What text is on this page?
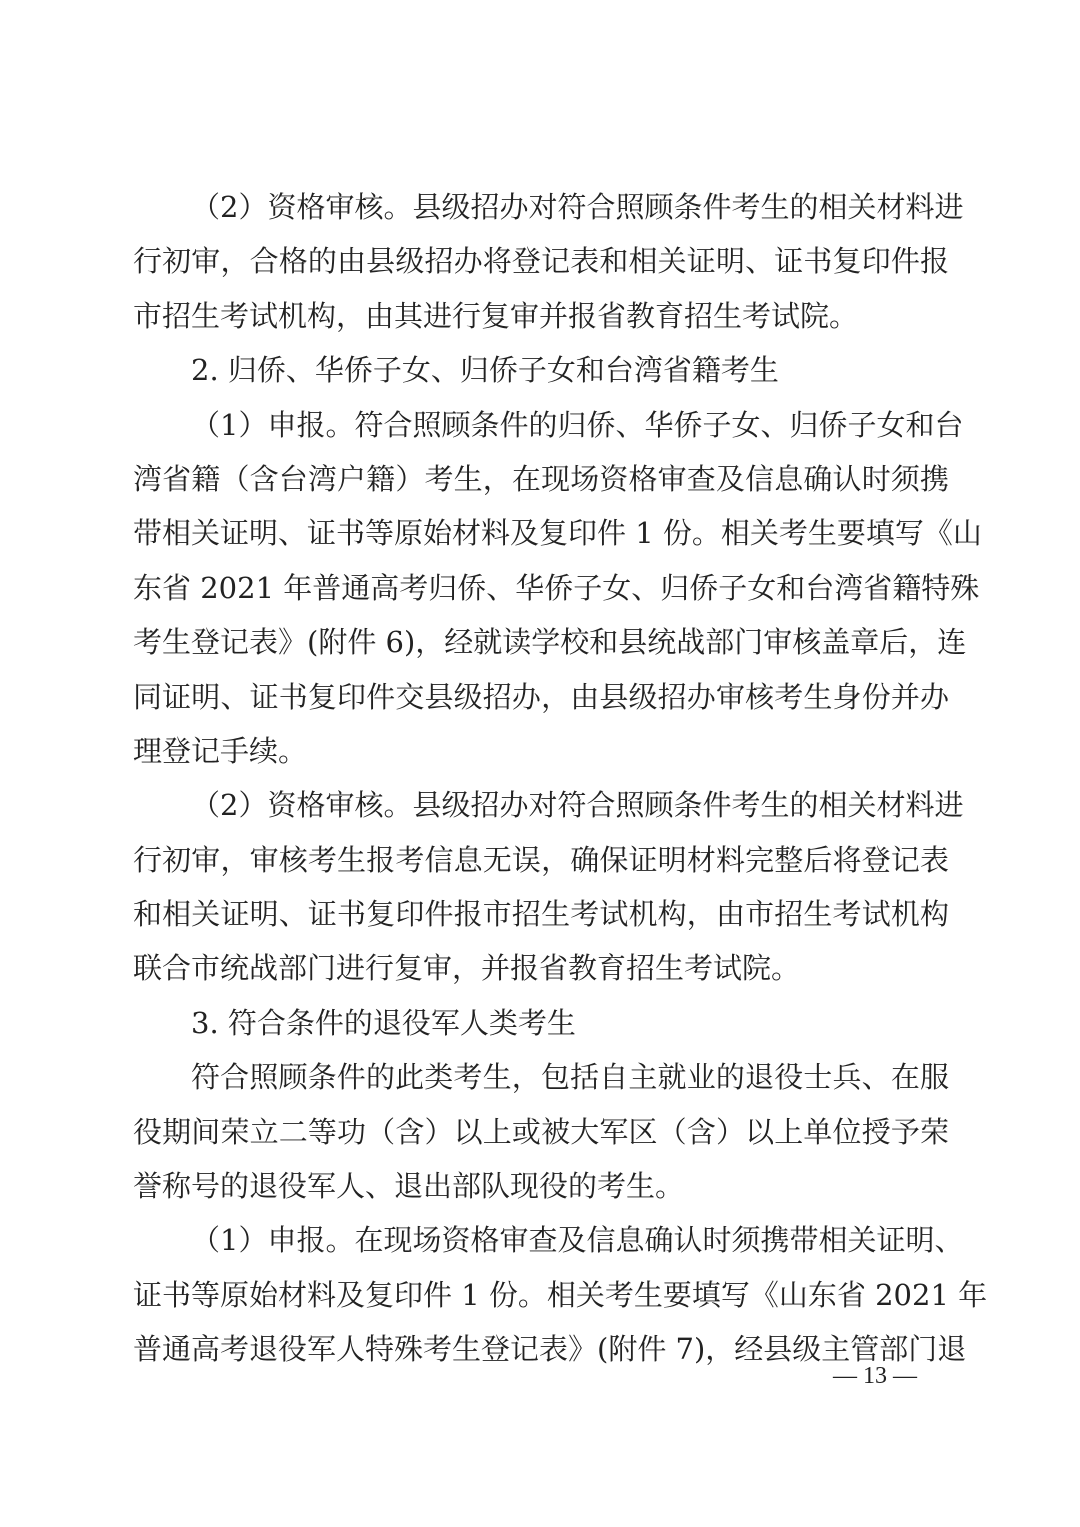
（2）资格审核。县级招办对符合照顾条件考生的相关材料进
行初审，合格的由县级招办将登记表和相关证明、证书复印件报
市招生考试机构，由其进行复审并报省教育招生考试院。
2. 归侨、华侨子女、归侨子女和台湾省籍考生
（1）申报。符合照顾条件的归侨、华侨子女、归侨子女和台
湾省籍（含台湾户籍）考生，在现场资格审查及信息确认时须携
带相关证明、证书等原始材料及复印件 1 份。相关考生要填写《山
东省 2021 年普通高考归侨、华侨子女、归侨子女和台湾省籍特殊
考生登记表》(附件 6)，经就读学校和县统战部门审核盖章后，连
同证明、证书复印件交县级招办，由县级招办审核考生身份并办
理登记手续。
（2）资格审核。县级招办对符合照顾条件考生的相关材料进
行初审，审核考生报考信息无误，确保证明材料完整后将登记表
和相关证明、证书复印件报市招生考试机构，由市招生考试机构
联合市统战部门进行复审，并报省教育招生考试院。
3. 符合条件的退役军人类考生
符合照顾条件的此类考生，包括自主就业的退役士兵、在服
役期间荣立二等功（含）以上或被大军区（含）以上单位授予荣
誉称号的退役军人、退出部队现役的考生。
（1）申报。在现场资格审查及信息确认时须携带相关证明、
证书等原始材料及复印件 1 份。相关考生要填写《山东省 2021 年
普通高考退役军人特殊考生登记表》(附件 7)，经县级主管部门退
— 13 —
